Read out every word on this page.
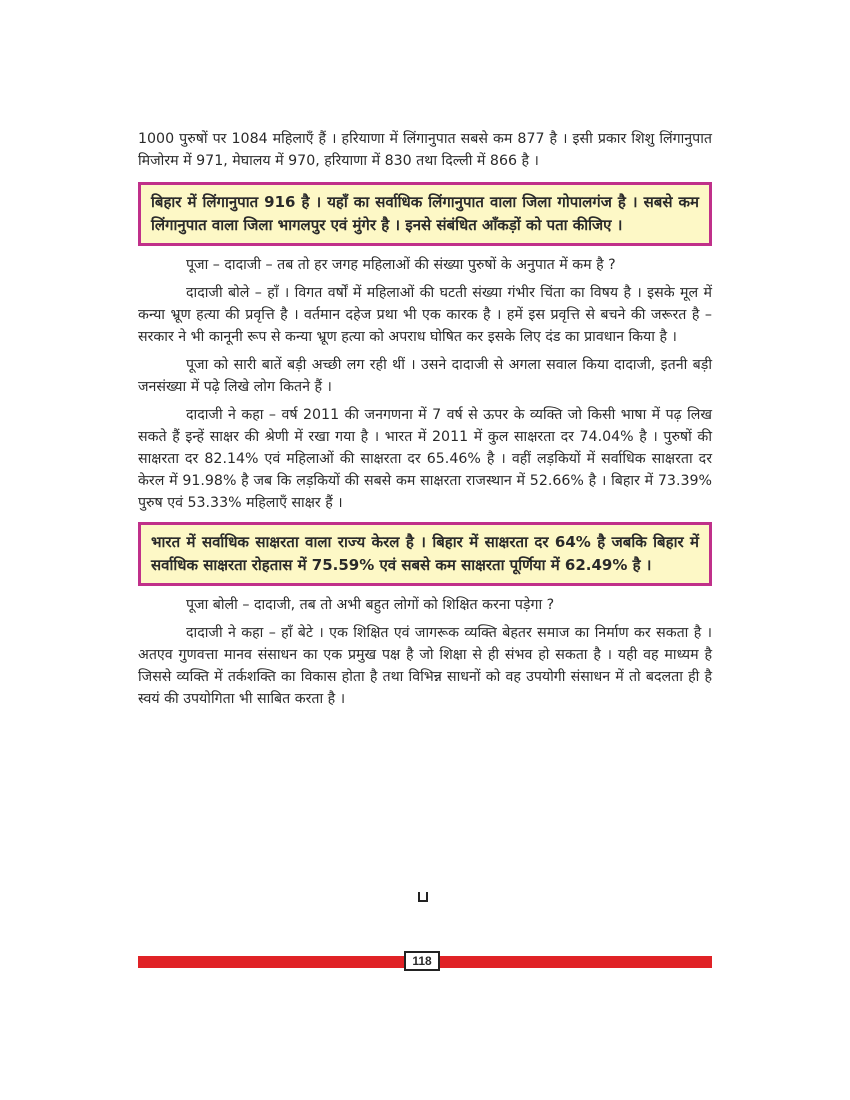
1000 पुरुषों पर 1084 महिलाएँ हैं । हरियाणा में लिंगानुपात सबसे कम 877 है । इसी प्रकार शिशु लिंगानुपात मिजोरम में 971, मेघालय में 970, हरियाणा में 830 तथा दिल्ली में 866 है ।

बिहार में लिंगानुपात 916 है । यहाँ का सर्वाधिक लिंगानुपात वाला जिला गोपालगंज है । सबसे कम लिंगानुपात वाला जिला भागलपुर एवं मुंगेर है । इनसे संबंधित आँकड़ों को पता कीजिए ।

पूजा – दादाजी – तब तो हर जगह महिलाओं की संख्या पुरुषों के अनुपात में कम है ?

दादाजी बोले – हाँ । विगत वर्षों में महिलाओं की घटती संख्या गंभीर चिंता का विषय है । इसके मूल में कन्या भ्रूण हत्या की प्रवृत्ति है । वर्तमान दहेज प्रथा भी एक कारक है । हमें इस प्रवृत्ति से बचने की जरूरत है – सरकार ने भी कानूनी रूप से कन्या भ्रूण हत्या को अपराध घोषित कर इसके लिए दंड का प्रावधान किया है ।

पूजा को सारी बातें बड़ी अच्छी लग रही थीं । उसने दादाजी से अगला सवाल किया दादाजी, इतनी बड़ी जनसंख्या में पढ़े लिखे लोग कितने हैं ।

दादाजी ने कहा – वर्ष 2011 की जनगणना में 7 वर्ष से ऊपर के व्यक्ति जो किसी भाषा में पढ़ लिख सकते हैं इन्हें साक्षर की श्रेणी में रखा गया है । भारत में 2011 में कुल साक्षरता दर 74.04% है । पुरुषों की साक्षरता दर 82.14% एवं महिलाओं की साक्षरता दर 65.46% है । वहीं लड़कियों में सर्वाधिक साक्षरता दर केरल में 91.98% है जब कि लड़कियों की सबसे कम साक्षरता राजस्थान में 52.66% है । बिहार में 73.39% पुरुष एवं 53.33% महिलाएँ साक्षर हैं ।

भारत में सर्वाधिक साक्षरता वाला राज्य केरल है । बिहार में साक्षरता दर 64% है जबकि बिहार में सर्वाधिक साक्षरता रोहतास में 75.59% एवं सबसे कम साक्षरता पूर्णिया में 62.49% है ।

पूजा बोली – दादाजी, तब तो अभी बहुत लोगों को शिक्षित करना पड़ेगा ?

दादाजी ने कहा – हाँ बेटे । एक शिक्षित एवं जागरूक व्यक्ति बेहतर समाज का निर्माण कर सकता है । अतएव गुणवत्ता मानव संसाधन का एक प्रमुख पक्ष है जो शिक्षा से ही संभव हो सकता है । यही वह माध्यम है जिससे व्यक्ति में तर्कशक्ति का विकास होता है तथा विभिन्न साधनों को वह उपयोगी संसाधन में तो बदलता ही है स्वयं की उपयोगिता भी साबित करता है ।

118
